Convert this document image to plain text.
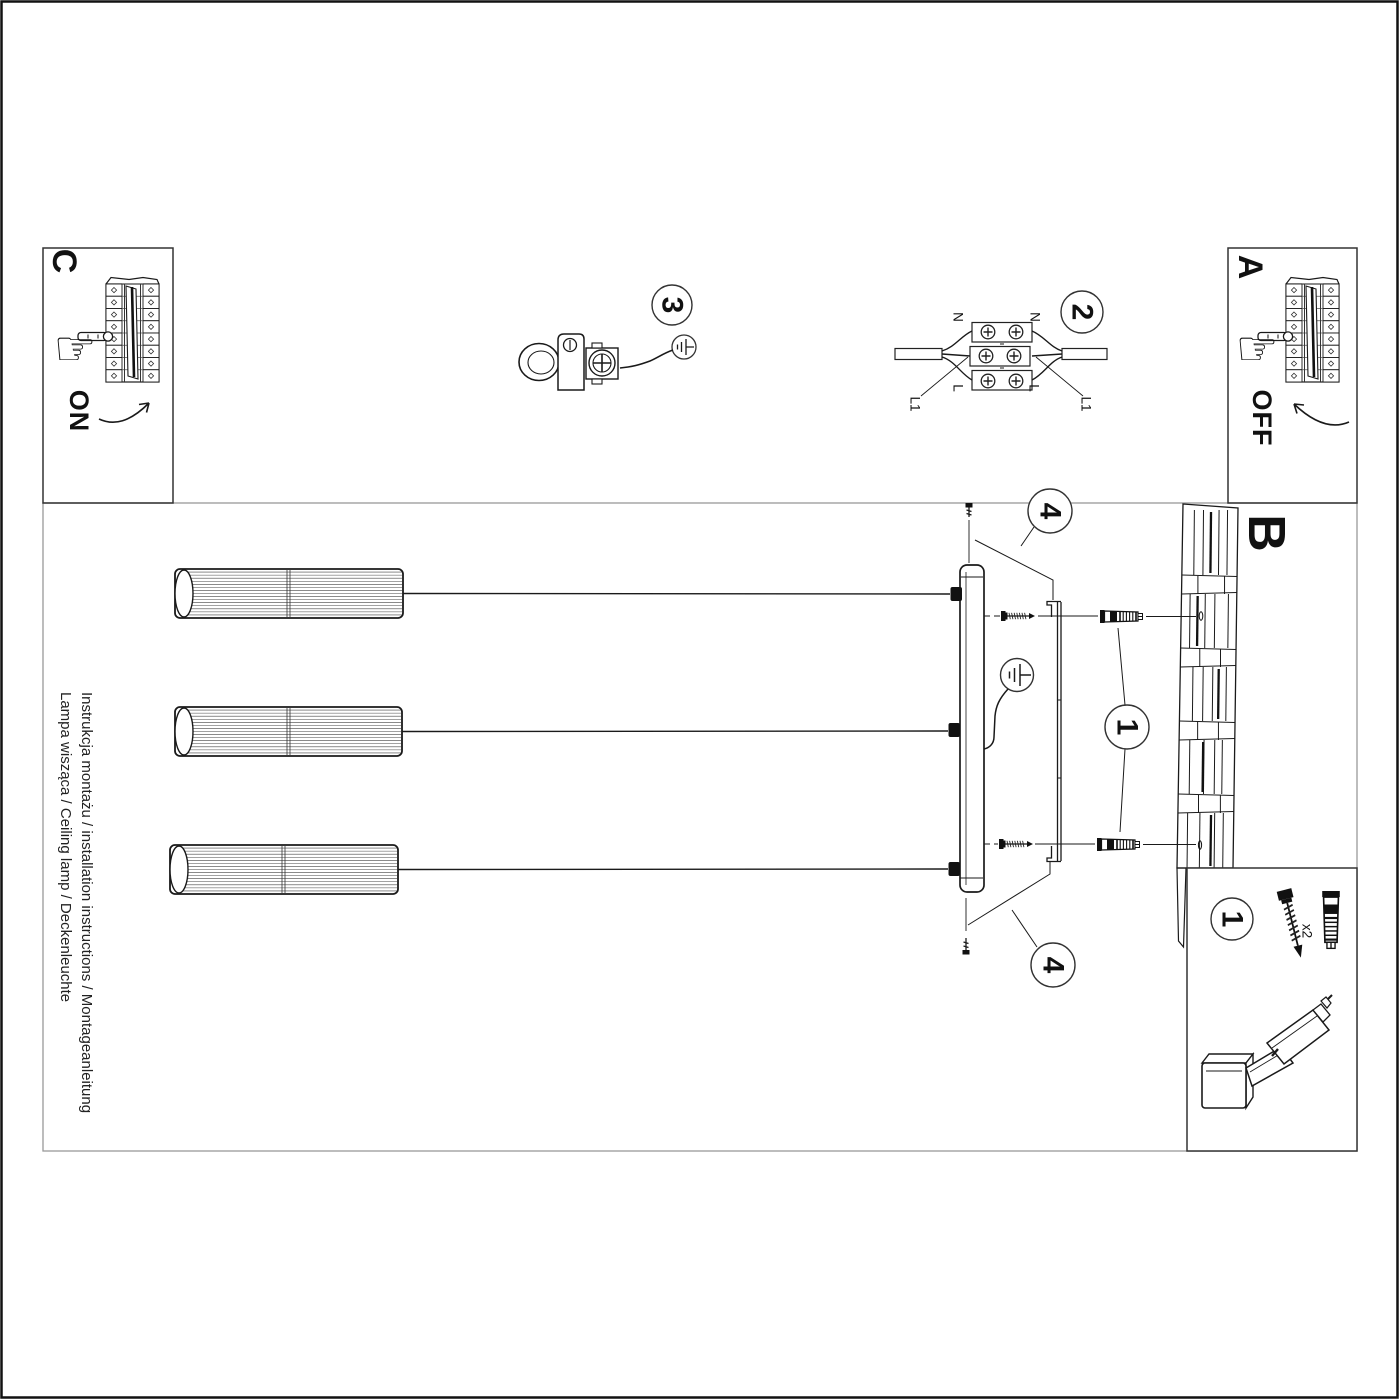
C	A
ON	OFF
B
3	2
4
4
1
1
N	N
L	L
L1	L1
x2
Instrukcja montażu / installation instructions / Montageanleitung
Lampa wisząca / Ceiling lamp / Deckenleuchte
☞	☞
